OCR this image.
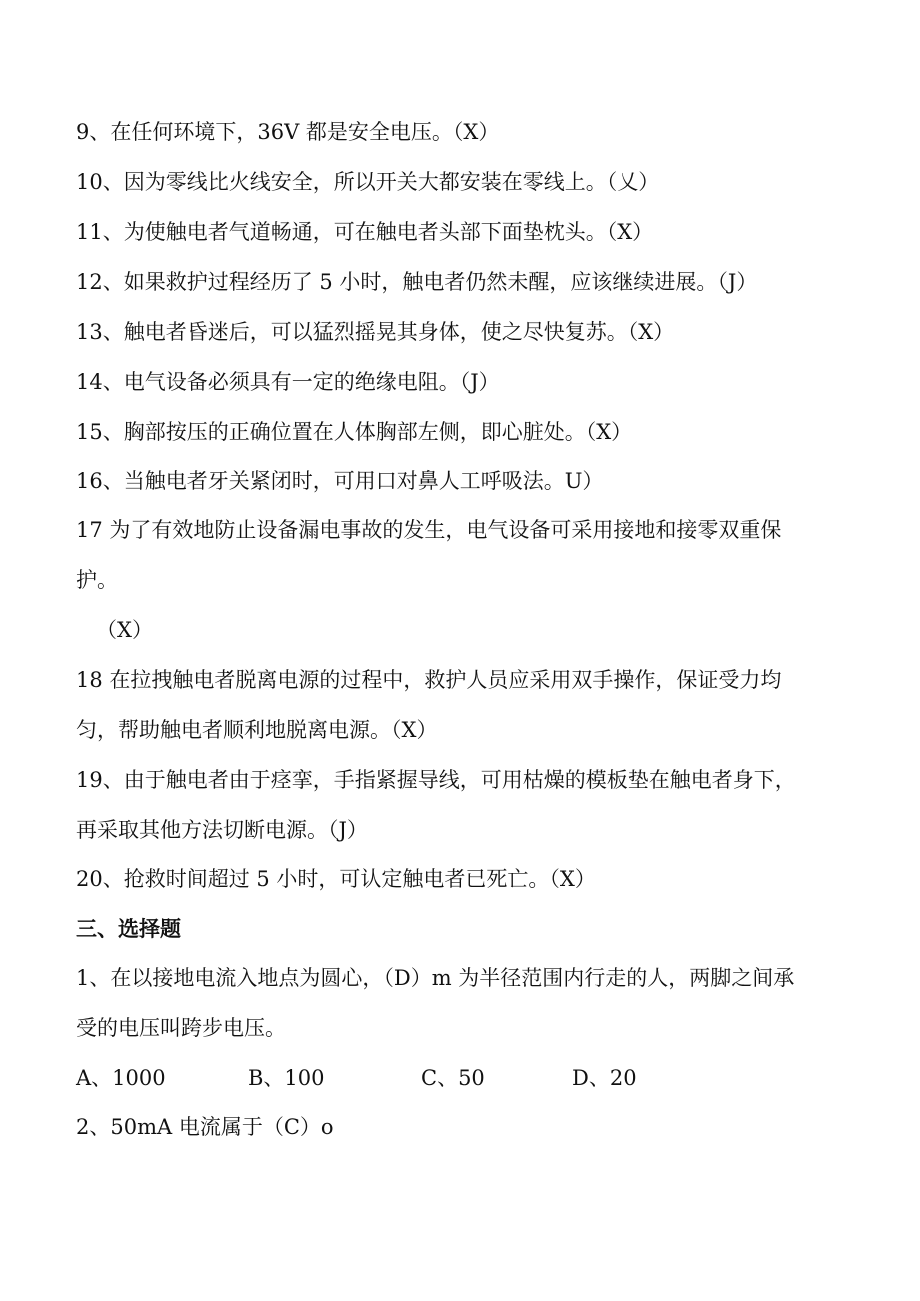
9、在任何环境下，36V 都是安全电压。（X）
10、因为零线比火线安全，所以开关大都安装在零线上。（乂）
11、为使触电者气道畅通，可在触电者头部下面垫枕头。（X）
12、如果救护过程经历了 5 小时，触电者仍然未醒，应该继续进展。（J）
13、触电者昏迷后，可以猛烈摇晃其身体，使之尽快复苏。（X）
14、电气设备必须具有一定的绝缘电阻。（J）
15、胸部按压的正确位置在人体胸部左侧，即心脏处。（X）
16、当触电者牙关紧闭时，可用口对鼻人工呼吸法。U）
17 为了有效地防止设备漏电事故的发生，电气设备可采用接地和接零双重保
护。
（X）
18 在拉拽触电者脱离电源的过程中，救护人员应采用双手操作，保证受力均
匀，帮助触电者顺利地脱离电源。（X）
19、由于触电者由于痉挛，手指紧握导线，可用枯燥的模板垫在触电者身下，
再采取其他方法切断电源。（J）
20、抢救时间超过 5 小时，可认定触电者已死亡。（X）
三、选择题
1、在以接地电流入地点为圆心，（D）m 为半径范围内行走的人，两脚之间承
受的电压叫跨步电压。
A、1000	B、100	C、50	D、20
2、50mA 电流属于（C）o
